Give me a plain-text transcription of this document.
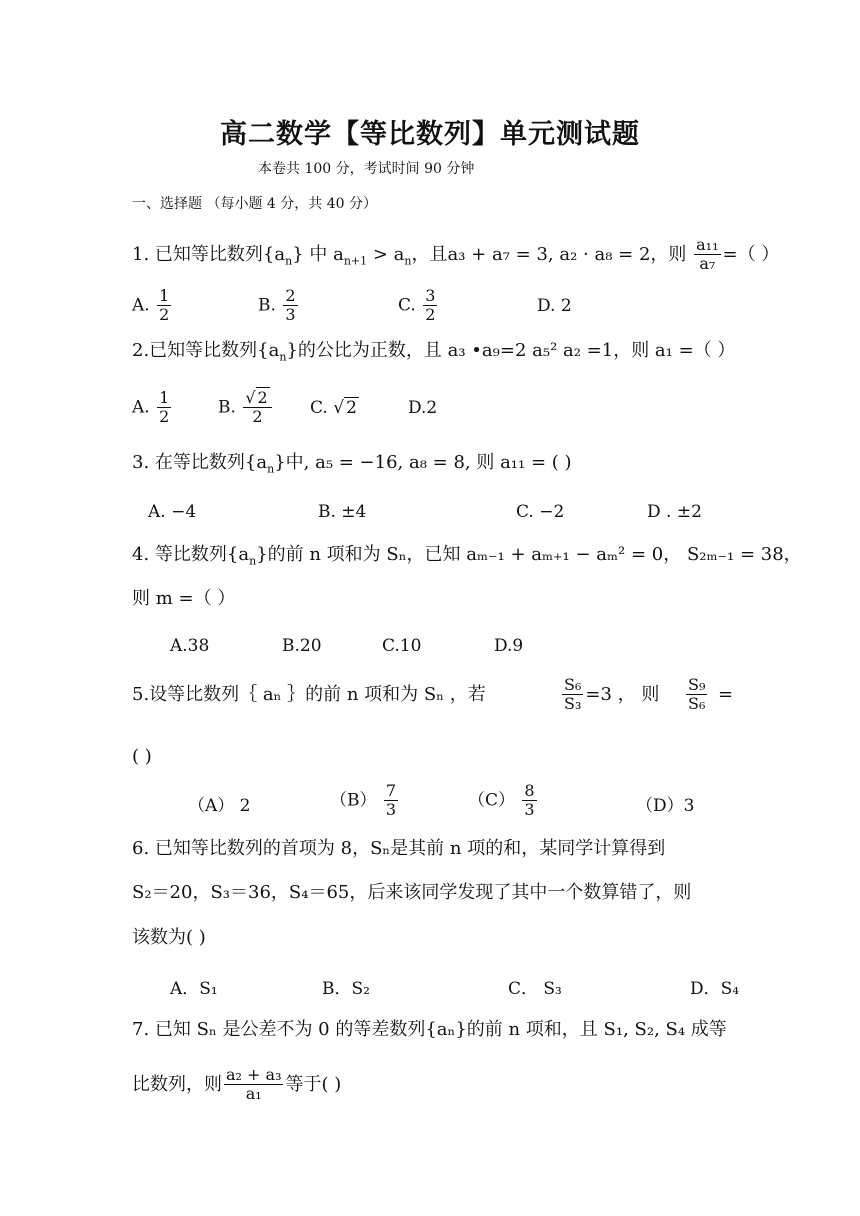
高二数学【等比数列】单元测试题
本卷共 100 分，考试时间 90 分钟
一、选择题 （每小题 4 分，共 40 分）
1. 已知等比数列$\{a_n\}$ 中 $a_{n+1} > a_n$，且a₃ + a₇ = 3, a₂ · a₈ = 2，则 $\frac{\text{a₁₁}}{\text{a₇}}$ =（ ）
A. $\frac{1}{2}$	B. $\frac{2}{3}$	C. $\frac{3}{2}$	D. 2
2.已知等比数列$\{a_n\}$的公比为正数，且 a₃ •a₉=2 a₅² a₂ =1，则 a₁ =（ ）
A. $\frac{1}{2}$	B. $\frac{√ 2}{2} C$. √ 2	D.2
3. 在等比数列$\{a_n\}$中, a₅ = −16, a₈ = 8, 则 a₁₁ = ( )
A. −4	B. ±4	C. −2	D . ±2
4. 等比数列$\{a_n\}$的前 n 项和为 Sₙ，已知 aₘ₋₁ + aₘ₊₁ − aₘ² = 0， S₂ₘ₋₁ = 38，
则 m =（ ）
A.38	B.20	C.10	D.9
5.设等比数列｛ aₙ ｝的前 n 项和为 Sₙ ，若	$\frac{\text{S₆}}{\text{S₃}} =3$ ， 则 $\frac{\text{S₉}}{\text{S₆}}$ =
( )
（A） 2	$(B) \frac{7}{3}$	$(C) \frac{8}{3}$	（D）3
6. 已知等比数列的首项为 8，Sₙ是其前 n 项的和，某同学计算得到
S₂＝20，S₃＝36，S₄＝65，后来该同学发现了其中一个数算错了，则
该数为( )
A．S₁	B．S₂	C． S₃	D．S₄
7. 已知 Sₙ 是公差不为 0 的等差数列{aₙ}的前 n 项和，且 S₁, S₂, S₄ 成等
比数列，则 $\frac{\text{a₂ + a₃}}{\text{a₁}}$ 等于( )
